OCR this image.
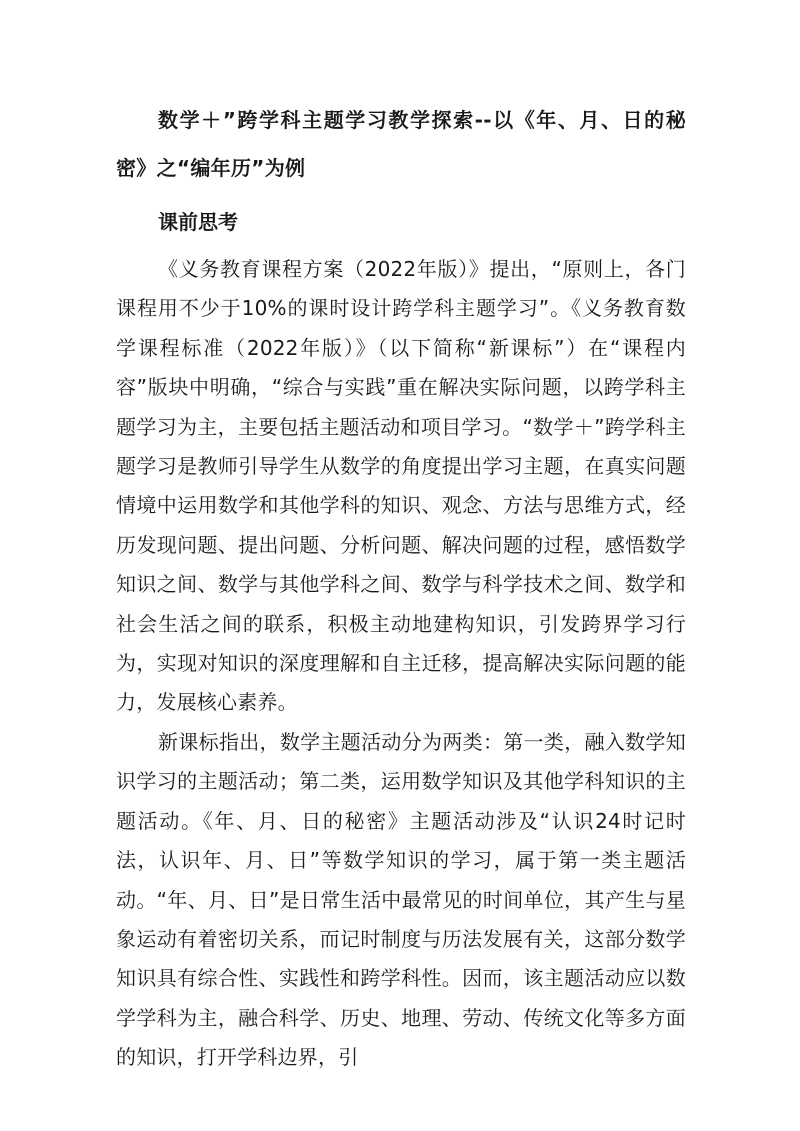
数学＋”跨学科主题学习教学探索--以《年、月、日的秘密》之“编年历”为例
课前思考

《义务教育课程方案（2022年版）》提出，“原则上，各门课程用不少于10%的课时设计跨学科主题学习”。《义务教育数学课程标准（2022年版）》（以下简称“新课标”）在“课程内容”版块中明确，“综合与实践”重在解决实际问题，以跨学科主题学习为主，主要包括主题活动和项目学习。“数学＋”跨学科主题学习是教师引导学生从数学的角度提出学习主题，在真实问题情境中运用数学和其他学科的知识、观念、方法与思维方式，经历发现问题、提出问题、分析问题、解决问题的过程，感悟数学知识之间、数学与其他学科之间、数学与科学技术之间、数学和社会生活之间的联系，积极主动地建构知识，引发跨界学习行为，实现对知识的深度理解和自主迁移，提高解决实际问题的能力，发展核心素养。

新课标指出，数学主题活动分为两类：第一类，融入数学知识学习的主题活动；第二类，运用数学知识及其他学科知识的主题活动。《年、月、日的秘密》主题活动涉及“认识24时记时法，认识年、月、日”等数学知识的学习，属于第一类主题活动。“年、月、日”是日常生活中最常见的时间单位，其产生与星象运动有着密切关系，而记时制度与历法发展有关，这部分数学知识具有综合性、实践性和跨学科性。因而，该主题活动应以数学学科为主，融合科学、历史、地理、劳动、传统文化等多方面的知识，打开学科边界，引
